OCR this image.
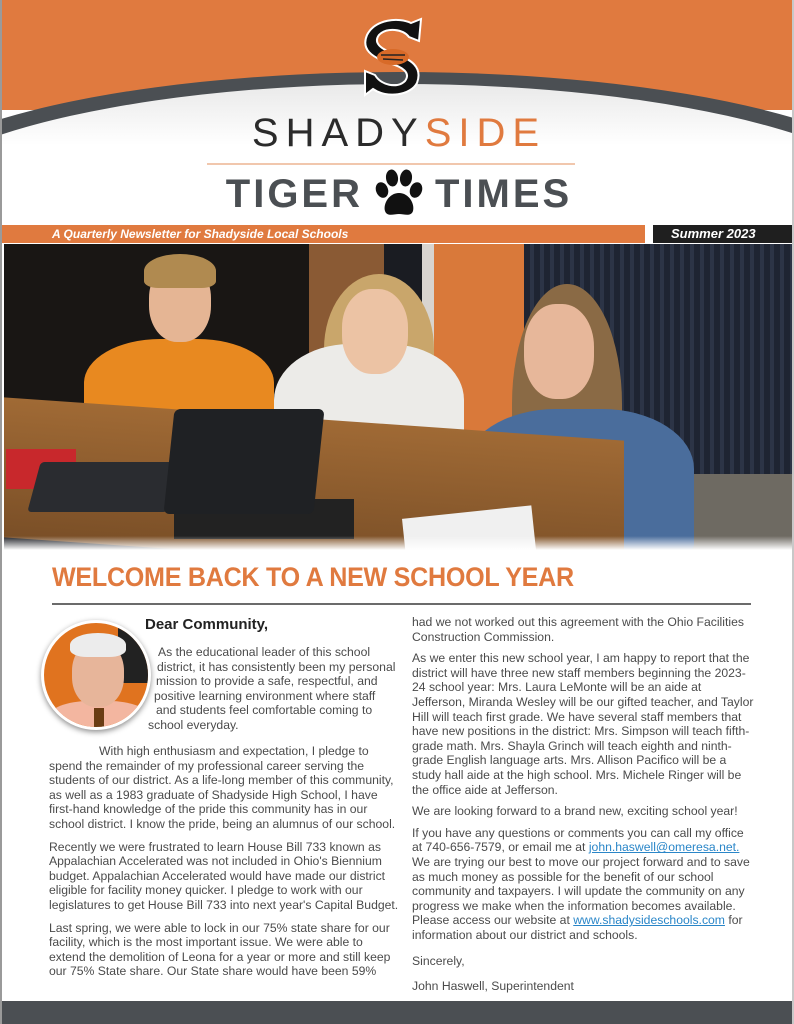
SHADYSIDE
TIGER TIMES
A Quarterly Newsletter for Shadyside Local Schools	Summer 2023
WELCOME BACK TO A NEW SCHOOL YEAR
Dear Community,
As the educational leader of this school
district, it has consistently been my personal
mission to provide a safe, respectful, and
positive learning environment where staff
and students feel comfortable coming to
school everyday.

With high enthusiasm and expectation, I pledge to spend the remainder of my professional career serving the students of our district. As a life-long member of this community, as well as a 1983 graduate of Shadyside High School, I have first-hand knowledge of the pride this community has in our school district. I know the pride, being an alumnus of our school.

Recently we were frustrated to learn House Bill 733 known as Appalachian Accelerated was not included in Ohio's Biennium budget. Appalachian Accelerated would have made our district eligible for facility money quicker. I pledge to work with our legislatures to get House Bill 733 into next year's Capital Budget.

Last spring, we were able to lock in our 75% state share for our facility, which is the most important issue. We were able to extend the demolition of Leona for a year or more and still keep our 75% State share. Our State share would have been 59%

had we not worked out this agreement with the Ohio Facilities Construction Commission.

As we enter this new school year, I am happy to report that the district will have three new staff members beginning the 2023-24 school year: Mrs. Laura LeMonte will be an aide at Jefferson, Miranda Wesley will be our gifted teacher, and Taylor Hill will teach first grade. We have several staff members that have new positions in the district: Mrs. Simpson will teach fifth-grade math. Mrs. Shayla Grinch will teach eighth and ninth-grade English language arts. Mrs. Allison Pacifico will be a study hall aide at the high school. Mrs. Michele Ringer will be the office aide at Jefferson.

We are looking forward to a brand new, exciting school year!

If you have any questions or comments you can call my office at 740-656-7579, or email me at john.haswell@omeresa.net. We are trying our best to move our project forward and to save as much money as possible for the benefit of our school community and taxpayers. I will update the community on any progress we make when the information becomes available. Please access our website at www.shadysideschools.com for information about our district and schools.

Sincerely,

John Haswell, Superintendent
